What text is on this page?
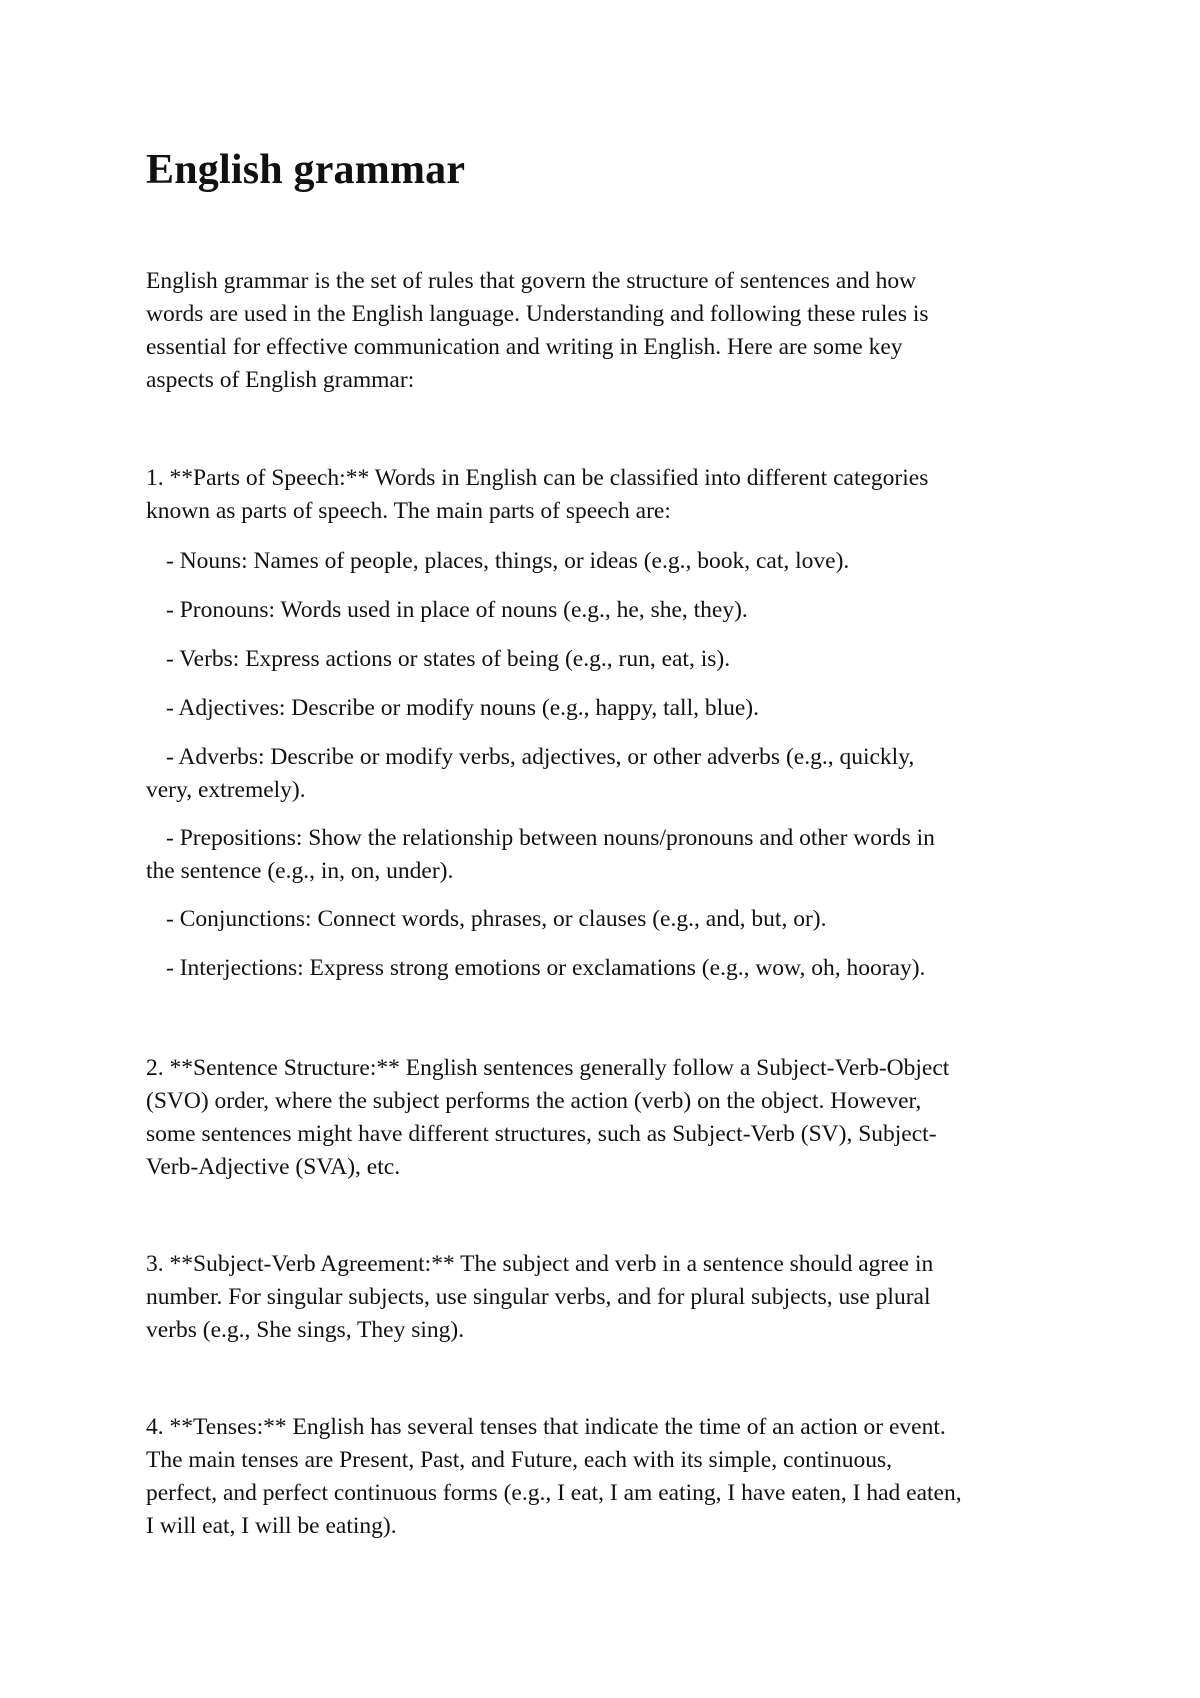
English grammar

English grammar is the set of rules that govern the structure of sentences and how
words are used in the English language. Understanding and following these rules is
essential for effective communication and writing in English. Here are some key
aspects of English grammar:

1. **Parts of Speech:** Words in English can be classified into different categories
known as parts of speech. The main parts of speech are:

- Nouns: Names of people, places, things, or ideas (e.g., book, cat, love).

- Pronouns: Words used in place of nouns (e.g., he, she, they).

- Verbs: Express actions or states of being (e.g., run, eat, is).

- Adjectives: Describe or modify nouns (e.g., happy, tall, blue).

- Adverbs: Describe or modify verbs, adjectives, or other adverbs (e.g., quickly,
very, extremely).

- Prepositions: Show the relationship between nouns/pronouns and other words in
the sentence (e.g., in, on, under).

- Conjunctions: Connect words, phrases, or clauses (e.g., and, but, or).

- Interjections: Express strong emotions or exclamations (e.g., wow, oh, hooray).

2. **Sentence Structure:** English sentences generally follow a Subject-Verb-Object
(SVO) order, where the subject performs the action (verb) on the object. However,
some sentences might have different structures, such as Subject-Verb (SV), Subject-
Verb-Adjective (SVA), etc.

3. **Subject-Verb Agreement:** The subject and verb in a sentence should agree in
number. For singular subjects, use singular verbs, and for plural subjects, use plural
verbs (e.g., She sings, They sing).

4. **Tenses:** English has several tenses that indicate the time of an action or event.
The main tenses are Present, Past, and Future, each with its simple, continuous,
perfect, and perfect continuous forms (e.g., I eat, I am eating, I have eaten, I had eaten,
I will eat, I will be eating).
